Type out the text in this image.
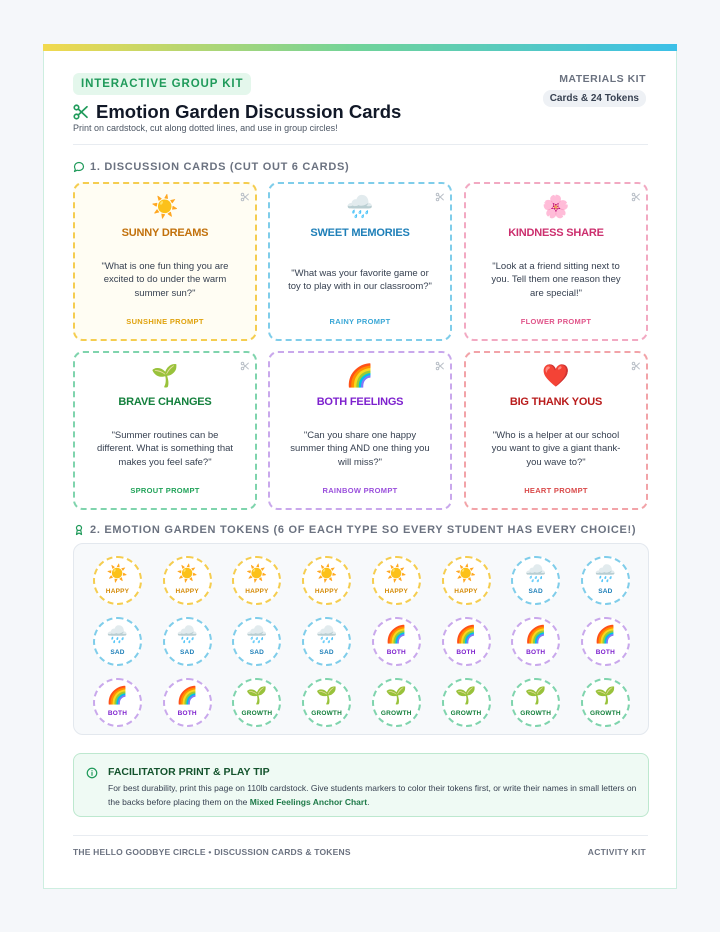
INTERACTIVE GROUP KIT
Emotion Garden Discussion Cards
Print on cardstock, cut along dotted lines, and use in group circles!
MATERIALS KIT
Cards & 24 Tokens
1. DISCUSSION CARDS (CUT OUT 6 CARDS)
☀️
SUNNY DREAMS
"What is one fun thing you are excited to do under the warm summer sun?"
SUNSHINE PROMPT
🌧️
SWEET MEMORIES
"What was your favorite game or toy to play with in our classroom?"
RAINY PROMPT
🌸
KINDNESS SHARE
"Look at a friend sitting next to you. Tell them one reason they are special!"
FLOWER PROMPT
🌱
BRAVE CHANGES
"Summer routines can be different. What is something that makes you feel safe?"
SPROUT PROMPT
🌈
BOTH FEELINGS
"Can you share one happy summer thing AND one thing you will miss?"
RAINBOW PROMPT
❤️
BIG THANK YOUS
"Who is a helper at our school you want to give a giant thank-you wave to?"
HEART PROMPT
2. EMOTION GARDEN TOKENS (6 OF EACH TYPE SO EVERY STUDENT HAS EVERY CHOICE!)
☀️
HAPPY
☀️
HAPPY
☀️
HAPPY
☀️
HAPPY
☀️
HAPPY
☀️
HAPPY
🌧️
SAD
🌧️
SAD
🌧️
SAD
🌧️
SAD
🌧️
SAD
🌧️
SAD
🌈
BOTH
🌈
BOTH
🌈
BOTH
🌈
BOTH
🌈
BOTH
🌈
BOTH
🌱
GROWTH
🌱
GROWTH
🌱
GROWTH
🌱
GROWTH
🌱
GROWTH
🌱
GROWTH
FACILITATOR PRINT & PLAY TIP
For best durability, print this page on 110lb cardstock. Give students markers to color their tokens first, or write their names in small letters on the backs before placing them on the Mixed Feelings Anchor Chart.
THE HELLO GOODBYE CIRCLE • DISCUSSION CARDS & TOKENS	ACTIVITY KIT
